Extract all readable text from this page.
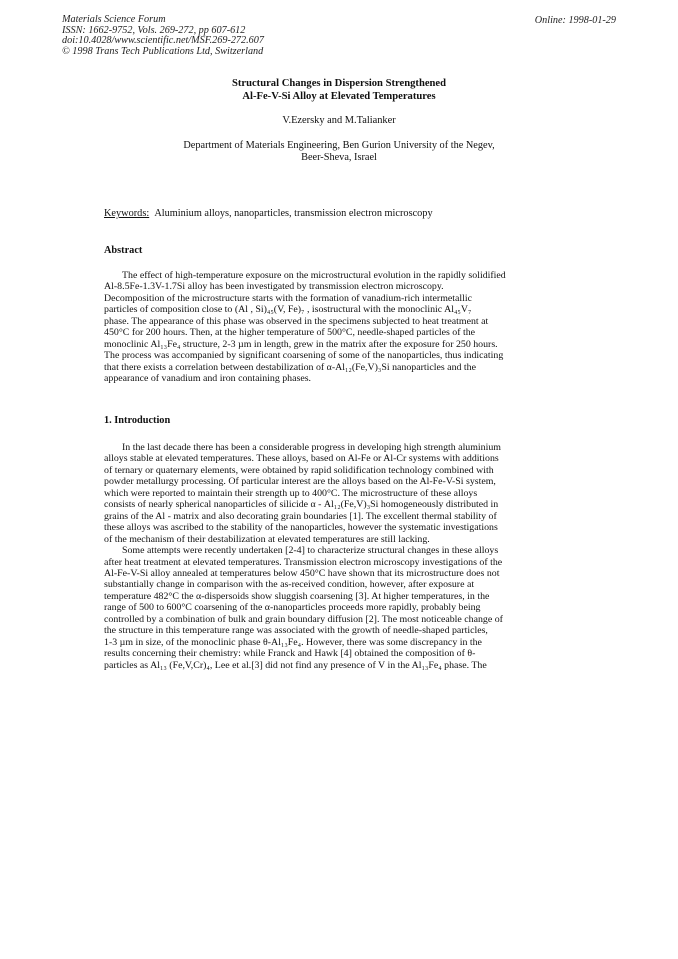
Materials Science Forum
ISSN: 1662-9752, Vols. 269-272, pp 607-612
doi:10.4028/www.scientific.net/MSF.269-272.607
© 1998 Trans Tech Publications Ltd, Switzerland
Online: 1998-01-29
Structural Changes in Dispersion Strengthened
Al-Fe-V-Si Alloy at Elevated Temperatures
V.Ezersky and M.Talianker
Department of Materials Engineering, Ben Gurion University of the Negev,
Beer-Sheva, Israel
Keywords: Aluminium alloys, nanoparticles, transmission electron microscopy
Abstract
The effect of high-temperature exposure on the microstructural evolution in the rapidly solidified
Al-8.5Fe-1.3V-1.7Si alloy has been investigated by transmission electron microscopy.
Decomposition of the microstructure starts with the formation of vanadium-rich intermetallic
particles of composition close to (Al , Si)₄₅(V, Fe)₇ , isostructural with the monoclinic Al₄₅V₇
phase. The appearance of this phase was observed in the specimens subjected to heat treatment at
450°C for 200 hours. Then, at the higher temperature of 500°C, needle-shaped particles of the
monoclinic Al₁₃Fe₄ structure, 2-3 µm in length, grew in the matrix after the exposure for 250 hours.
The process was accompanied by significant coarsening of some of the nanoparticles, thus indicating
that there exists a correlation between destabilization of α-Al₁₂(Fe,V)₃Si nanoparticles and the
appearance of vanadium and iron containing phases.
1. Introduction
In the last decade there has been a considerable progress in developing high strength aluminium
alloys stable at elevated temperatures. These alloys, based on Al-Fe or Al-Cr systems with additions
of ternary or quaternary elements, were obtained by rapid solidification technology combined with
powder metallurgy processing. Of particular interest are the alloys based on the Al-Fe-V-Si system,
which were reported to maintain their strength up to 400°C. The microstructure of these alloys
consists of nearly spherical nanoparticles of silicide α - Al₁₂(Fe,V)₃Si homogeneously distributed in
grains of the Al - matrix and also decorating grain boundaries [1]. The excellent thermal stability of
these alloys was ascribed to the stability of the nanoparticles, however the systematic investigations
of the mechanism of their destabilization at elevated temperatures are still lacking.
Some attempts were recently undertaken [2-4] to characterize structural changes in these alloys
after heat treatment at elevated temperatures. Transmission electron microscopy investigations of the
Al-Fe-V-Si alloy annealed at temperatures below 450°C have shown that its microstructure does not
substantially change in comparison with the as-received condition, however, after exposure at
temperature 482°C the α-dispersoids show sluggish coarsening [3]. At higher temperatures, in the
range of 500 to 600°C coarsening of the α-nanoparticles proceeds more rapidly, probably being
controlled by a combination of bulk and grain boundary diffusion [2]. The most noticeable change of
the structure in this temperature range was associated with the growth of needle-shaped particles,
1-3 µm in size, of the monoclinic phase θ-Al₁₃Fe₄. However, there was some discrepancy in the
results concerning their chemistry: while Franck and Hawk [4] obtained the composition of θ-
particles as Al₁₃ (Fe,V,Cr)₄, Lee et al.[3] did not find any presence of V in the Al₁₃Fe₄ phase. The
